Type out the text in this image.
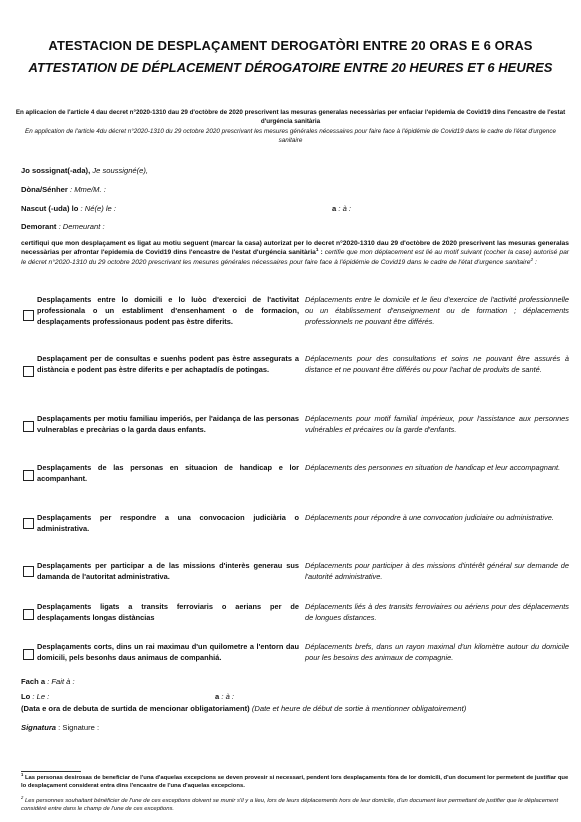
ATESTACION DE DESPLAÇAMENT DEROGATÒRI ENTRE 20 ORAS E 6 ORAS
ATTESTATION DE DÉPLACEMENT DÉROGATOIRE ENTRE 20 HEURES ET 6 HEURES
En aplicacion de l'article 4 dau decret n°2020-1310 dau 29 d'octòbre de 2020 prescrivent las mesuras generalas necessàrias per enfaciar l'epidemia de Covid19 dins l'encastre de l'estat d'urgéncia sanitària
En application de l'article 4du décret n°2020-1310 du 29 octobre 2020 prescrivant les mesures générales nécessaires pour faire face à l'épidémie de Covid19 dans le cadre de l'état d'urgence sanitaire
Jo sossignat(-ada), Je soussigné(e),
Dòna/Sénher : Mme/M. :
Nascut (-uda) lo : Né(e) le :	a : à :
Demorant : Demeurant :
certifiqui que mon desplaçament es ligat au motiu seguent (marcar la casa) autorizat per lo decret n°2020-1310 dau 29 d'octòbre de 2020 prescrivent las mesuras generalas necessàrias per afrontar l'epidemia de Covid19 dins l'encastre de l'estat d'urgéncia sanitària$^1$ : certifie que mon déplacement est lié au motif suivant (cocher la case) autorisé par le décret n°2020-1310 du 29 octobre 2020 prescrivant les mesures générales nécessaires pour faire face à l'épidémie de Covid19 dans le cadre de l'état d'urgence sanitaire$^2$ :
Desplaçaments entre lo domicili e lo luòc d'exercici de l'activitat professionala o un establiment d'ensenhament o de formacion, desplaçaments professionaus podent pas èstre diferits.
Déplacements entre le domicile et le lieu d'exercice de l'activité professionnelle ou un établissement d'enseignement ou de formation ; déplacements professionnels ne pouvant être différés.
Desplaçament per de consultas e suenhs podent pas èstre assegurats a distància e podent pas èstre diferits e per achaptadís de potingas.
Déplacements pour des consultations et soins ne pouvant être assurés à distance et ne pouvant être différés ou pour l'achat de produits de santé.
Desplaçaments per motiu familiau imperiós, per l'aidança de las personas vulnerablas e precàrias o la garda daus enfants.
Déplacements pour motif familial impérieux, pour l'assistance aux personnes vulnérables et précaires ou la garde d'enfants.
Desplaçaments de las personas en situacion de handicap e lor acompanhant.
Déplacements des personnes en situation de handicap et leur accompagnant.
Desplaçaments per respondre a una convocacion judiciària o administrativa.
Déplacements pour répondre à une convocation judiciaire ou administrative.
Desplaçaments per participar a de las missions d'interès generau sus damanda de l'autoritat administrativa.
Déplacements pour participer à des missions d'intérêt général sur demande de l'autorité administrative.
Desplaçaments ligats a transits ferroviaris o aerians per de desplaçaments longas distàncias
Déplacements liés à des transits ferroviaires ou aériens pour des déplacements de longues distances.
Desplaçaments corts, dins un rai maximau d'un quilometre a l'entorn dau domicili, pels besonhs daus animaus de companhiá.
Déplacements brefs, dans un rayon maximal d'un kilomètre autour du domicile pour les besoins des animaux de compagnie.
Fach a : Fait à :
Lo : Le :	a : à :
(Data e ora de debuta de surtida de mencionar obligatoriament) (Date et heure de début de sortie à mentionner obligatoirement)
Signatura : Signature :
$^1$ Las personas desirosas de beneficiar de l'una d'aquelas excepcions se deven provesir si necessari, pendent lors desplaçaments fòra de lor domicili, d'un document lor permetent de justifiar que lo desplaçament considerat entra dins l'encastre de l'una d'aquelas excepcions.
$^2$ Les personnes souhaitant bénéficier de l'une de ces exceptions doivent se munir s'il y a lieu, lors de leurs déplacements hors de leur domicile, d'un document leur permettant de justifier que le déplacement considéré entre dans le champ de l'une de ces exceptions.
